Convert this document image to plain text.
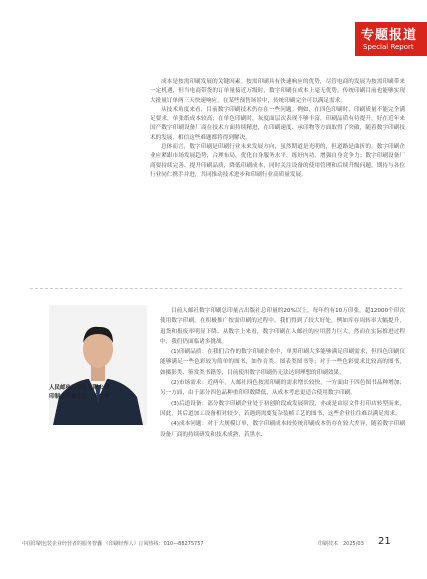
专题报道
Special Report

成本是按需印刷发展的关键因素。按需印刷具有快速响应的优势，尽管电商的发展为按需印刷带来一定机遇，但当电商带货的订单量接近万级时，数字印刷在成本上毫无优势，传统印刷目前也能够实现大批量订单两三天快速响应，在某些预售场景中，传统印刷完全可以满足需求。

从技术角度来看，目前数字印刷技术仍存在一些问题。例如，在四色印刷时，印刷质量不能完全满足要求，单张纸成本较高；在单色印刷时，灰度面层次表现不够丰富，印刷品质有待提升。好在近年来国产数字印刷设备厂商在技术方面持续精进，在印刷速度、承印物等方面取得了突破，随着数字印刷技术的发展，相信这些难题都将得到解决。

总体而言，数字印刷是印刷行业未来发展方向，虽然期道是光明的，但道路是曲折的。数字印刷企业应紧跟市场发展趋势，合理布局，优化自身服务水平，练好内功，增强自身竞争力；数字印刷设备厂商要持续完善、提升印刷品质，降低印刷成本，同时关注设备的使用管理和后续升级问题，期待与各位行业同仁携手并进，共同推动技术进步和印刷行业高质量发展。

人民邮电出版社有限公司
印制业务部主任　王少华

目前人邮社数字印刷总印量占出版社总印量的20%以上，每年约有10万印张。超12000个印次使用数字印刷。在积极推广按需印刷的过程中，我们得到了较大好处，例如库存周转率大幅提升，退货和报废率明显下降。从数字上来看，数字印刷在人邮社的应用潜力巨大，然而在实际推进过程中，我们仍面临诸多挑战。

(1)印刷品质：在我们合作的数字印刷企业中，单黑印刷大多能够满足印刷需求，但四色印刷仅能够满足一些色彩较为简单的图书，如作育类、图表类图书等；对于一些色彩要求比较高的图书，如摄影类、鉴赏类书籍等，目前使用数字印刷仍无法达到理想的印刷效果。

(2)市场需求：近两年，人邮社四色按需印刷的需求增长较快，一方面由于四色图书品种增加；另一方面，由于部分四色品种重印印数降低，从成本考虑更适合使用数字印刷。

(3)后道设备：部分数字印刷企业处于初创阶段或发展阶段，亦或是由原文件打印店转型而来，因此，其后道加工设备相对较少，若遇到需要复杂装帧工艺的图书，这些企业往往难以满足需求。

(4)成本问题：对于大规模订单，数字印刷成本较传统印刷成本仍存在较大差异，随着数字印刷设备厂商的持续研发和技术成熟，若黑水、

中国印刷包装企业经营者的服务智囊 《印刷经理人》订阅热线：010—88275757	印刷技术　2025/03 21
